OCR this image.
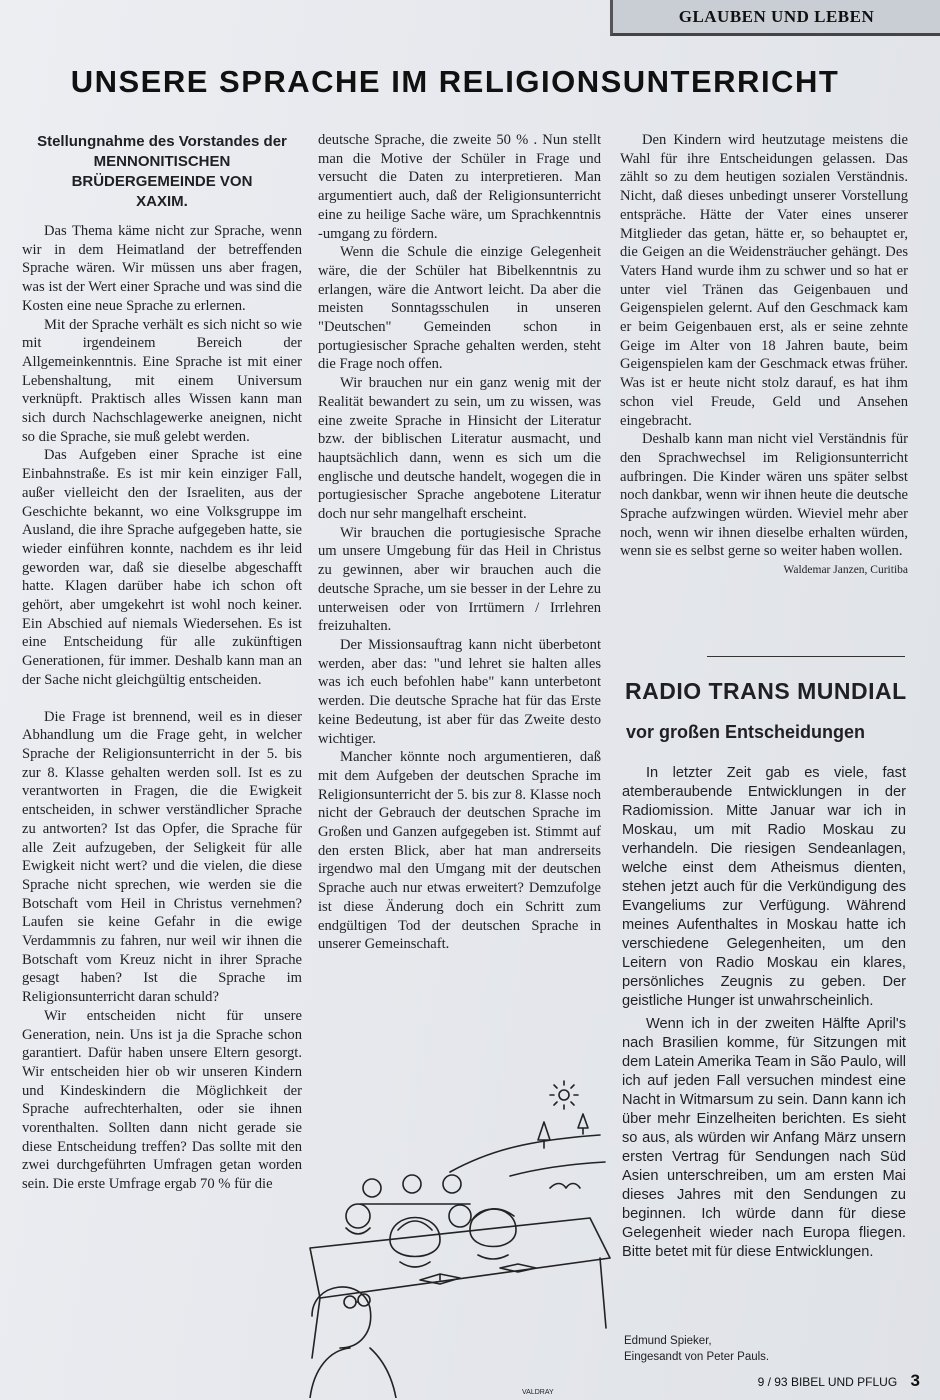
GLAUBEN UND LEBEN
UNSERE SPRACHE IM RELIGIONSUNTERRICHT
Stellungnahme des Vorstandes der
MENNONITISCHEN
BRÜDERGEMEINDE VON
XAXIM.

Das Thema käme nicht zur Sprache, wenn wir in dem Heimatland der betreffenden Sprache wären. Wir müssen uns aber fragen, was ist der Wert einer Sprache und was sind die Kosten eine neue Sprache zu erlernen.

Mit der Sprache verhält es sich nicht so wie mit irgendeinem Bereich der Allgemeinkenntnis. Eine Sprache ist mit einer Lebenshaltung, mit einem Universum verknüpft. Praktisch alles Wissen kann man sich durch Nachschlagewerke aneignen, nicht so die Sprache, sie muß gelebt werden.

Das Aufgeben einer Sprache ist eine Einbahnstraße. Es ist mir kein einziger Fall, außer vielleicht den der Israeliten, aus der Geschichte bekannt, wo eine Volksgruppe im Ausland, die ihre Sprache aufgegeben hatte, sie wieder einführen konnte, nachdem es ihr leid geworden war, daß sie dieselbe abgeschafft hatte. Klagen darüber habe ich schon oft gehört, aber umgekehrt ist wohl noch keiner. Ein Abschied auf niemals Wiedersehen. Es ist eine Entscheidung für alle zukünftigen Generationen, für immer. Deshalb kann man an der Sache nicht gleichgültig entscheiden.

Die Frage ist brennend, weil es in dieser Abhandlung um die Frage geht, in welcher Sprache der Religionsunterricht in der 5. bis zur 8. Klasse gehalten werden soll. Ist es zu verantworten in Fragen, die die Ewigkeit entscheiden, in schwer verständlicher Sprache zu antworten? Ist das Opfer, die Sprache für alle Zeit aufzugeben, der Seligkeit für alle Ewigkeit nicht wert? und die vielen, die diese Sprache nicht sprechen, wie werden sie die Botschaft vom Heil in Christus vernehmen? Laufen sie keine Gefahr in die ewige Verdammnis zu fahren, nur weil wir ihnen die Botschaft vom Kreuz nicht in ihrer Sprache gesagt haben? Ist die Sprache im Religionsunterricht daran schuld?

Wir entscheiden nicht für unsere Generation, nein. Uns ist ja die Sprache schon garantiert. Dafür haben unsere Eltern gesorgt. Wir entscheiden hier ob wir unseren Kindern und Kindeskindern die Möglichkeit der Sprache aufrechterhalten, oder sie ihnen vorenthalten. Sollten dann nicht gerade sie diese Entscheidung treffen? Das sollte mit den zwei durchgeführten Umfragen getan worden sein. Die erste Umfrage ergab 70 % für die

deutsche Sprache, die zweite 50 % . Nun stellt man die Motive der Schüler in Frage und versucht die Daten zu interpretieren. Man argumentiert auch, daß der Religionsunterricht eine zu heilige Sache wäre, um Sprachkenntnis -umgang zu fördern.

Wenn die Schule die einzige Gelegenheit wäre, die der Schüler hat Bibelkenntnis zu erlangen, wäre die Antwort leicht. Da aber die meisten Sonntagsschulen in unseren "Deutschen" Gemeinden schon in portugiesischer Sprache gehalten werden, steht die Frage noch offen.

Wir brauchen nur ein ganz wenig mit der Realität bewandert zu sein, um zu wissen, was eine zweite Sprache in Hinsicht der Literatur bzw. der biblischen Literatur ausmacht, und hauptsächlich dann, wenn es sich um die englische und deutsche handelt, wogegen die in portugiesischer Sprache angebotene Literatur doch nur sehr mangelhaft erscheint.

Wir brauchen die portugiesische Sprache um unsere Umgebung für das Heil in Christus zu gewinnen, aber wir brauchen auch die deutsche Sprache, um sie besser in der Lehre zu unterweisen oder von Irrtümern / Irrlehren freizuhalten.

Der Missionsauftrag kann nicht überbetont werden, aber das: "und lehret sie halten alles was ich euch befohlen habe" kann unterbetont werden. Die deutsche Sprache hat für das Erste keine Bedeutung, ist aber für das Zweite desto wichtiger.

Mancher könnte noch argumentieren, daß mit dem Aufgeben der deutschen Sprache im Religionsunterricht der 5. bis zur 8. Klasse noch nicht der Gebrauch der deutschen Sprache im Großen und Ganzen aufgegeben ist. Stimmt auf den ersten Blick, aber hat man andrerseits irgendwo mal den Umgang mit der deutschen Sprache auch nur etwas erweitert? Demzufolge ist diese Änderung doch ein Schritt zum endgültigen Tod der deutschen Sprache in unserer Gemeinschaft.

Den Kindern wird heutzutage meistens die Wahl für ihre Entscheidungen gelassen. Das zählt so zu dem heutigen sozialen Verständnis. Nicht, daß dieses unbedingt unserer Vorstellung entspräche. Hätte der Vater eines unserer Mitglieder das getan, hätte er, so behauptet er, die Geigen an die Weidensträucher gehängt. Des Vaters Hand wurde ihm zu schwer und so hat er unter viel Tränen das Geigenbauen und Geigenspielen gelernt. Auf den Geschmack kam er beim Geigenbauen erst, als er seine zehnte Geige im Alter von 18 Jahren baute, beim Geigenspielen kam der Geschmack etwas früher. Was ist er heute nicht stolz darauf, es hat ihm schon viel Freude, Geld und Ansehen eingebracht.

Deshalb kann man nicht viel Verständnis für den Sprachwechsel im Religionsunterricht aufbringen. Die Kinder wären uns später selbst noch dankbar, wenn wir ihnen heute die deutsche Sprache aufzwingen würden. Wieviel mehr aber noch, wenn wir ihnen dieselbe erhalten würden, wenn sie es selbst gerne so weiter haben wollen.

Waldemar Janzen, Curitiba

RADIO TRANS MUNDIAL
vor großen Entscheidungen

In letzter Zeit gab es viele, fast atemberaubende Entwicklungen in der Radiomission. Mitte Januar war ich in Moskau, um mit Radio Moskau zu verhandeln. Die riesigen Sendeanlagen, welche einst dem Atheismus dienten, stehen jetzt auch für die Verkündigung des Evangeliums zur Verfügung. Während meines Aufenthaltes in Moskau hatte ich verschiedene Gelegenheiten, um den Leitern von Radio Moskau ein klares, persönliches Zeugnis zu geben. Der geistliche Hunger ist unwahrscheinlich.

Wenn ich in der zweiten Hälfte April's nach Brasilien komme, für Sitzungen mit dem Latein Amerika Team in São Paulo, will ich auf jeden Fall versuchen mindest eine Nacht in Witmarsum zu sein. Dann kann ich über mehr Einzelheiten berichten. Es sieht so aus, als würden wir Anfang März unsern ersten Vertrag für Sendungen nach Süd Asien unterschreiben, um am ersten Mai dieses Jahres mit den Sendungen zu beginnen. Ich würde dann für diese Gelegenheit wieder nach Europa fliegen. Bitte betet mit für diese Entwicklungen.

Edmund Spieker,
Eingesandt von Peter Pauls.
VALDRAY
9 / 93 BIBEL UND PFLUG 3
